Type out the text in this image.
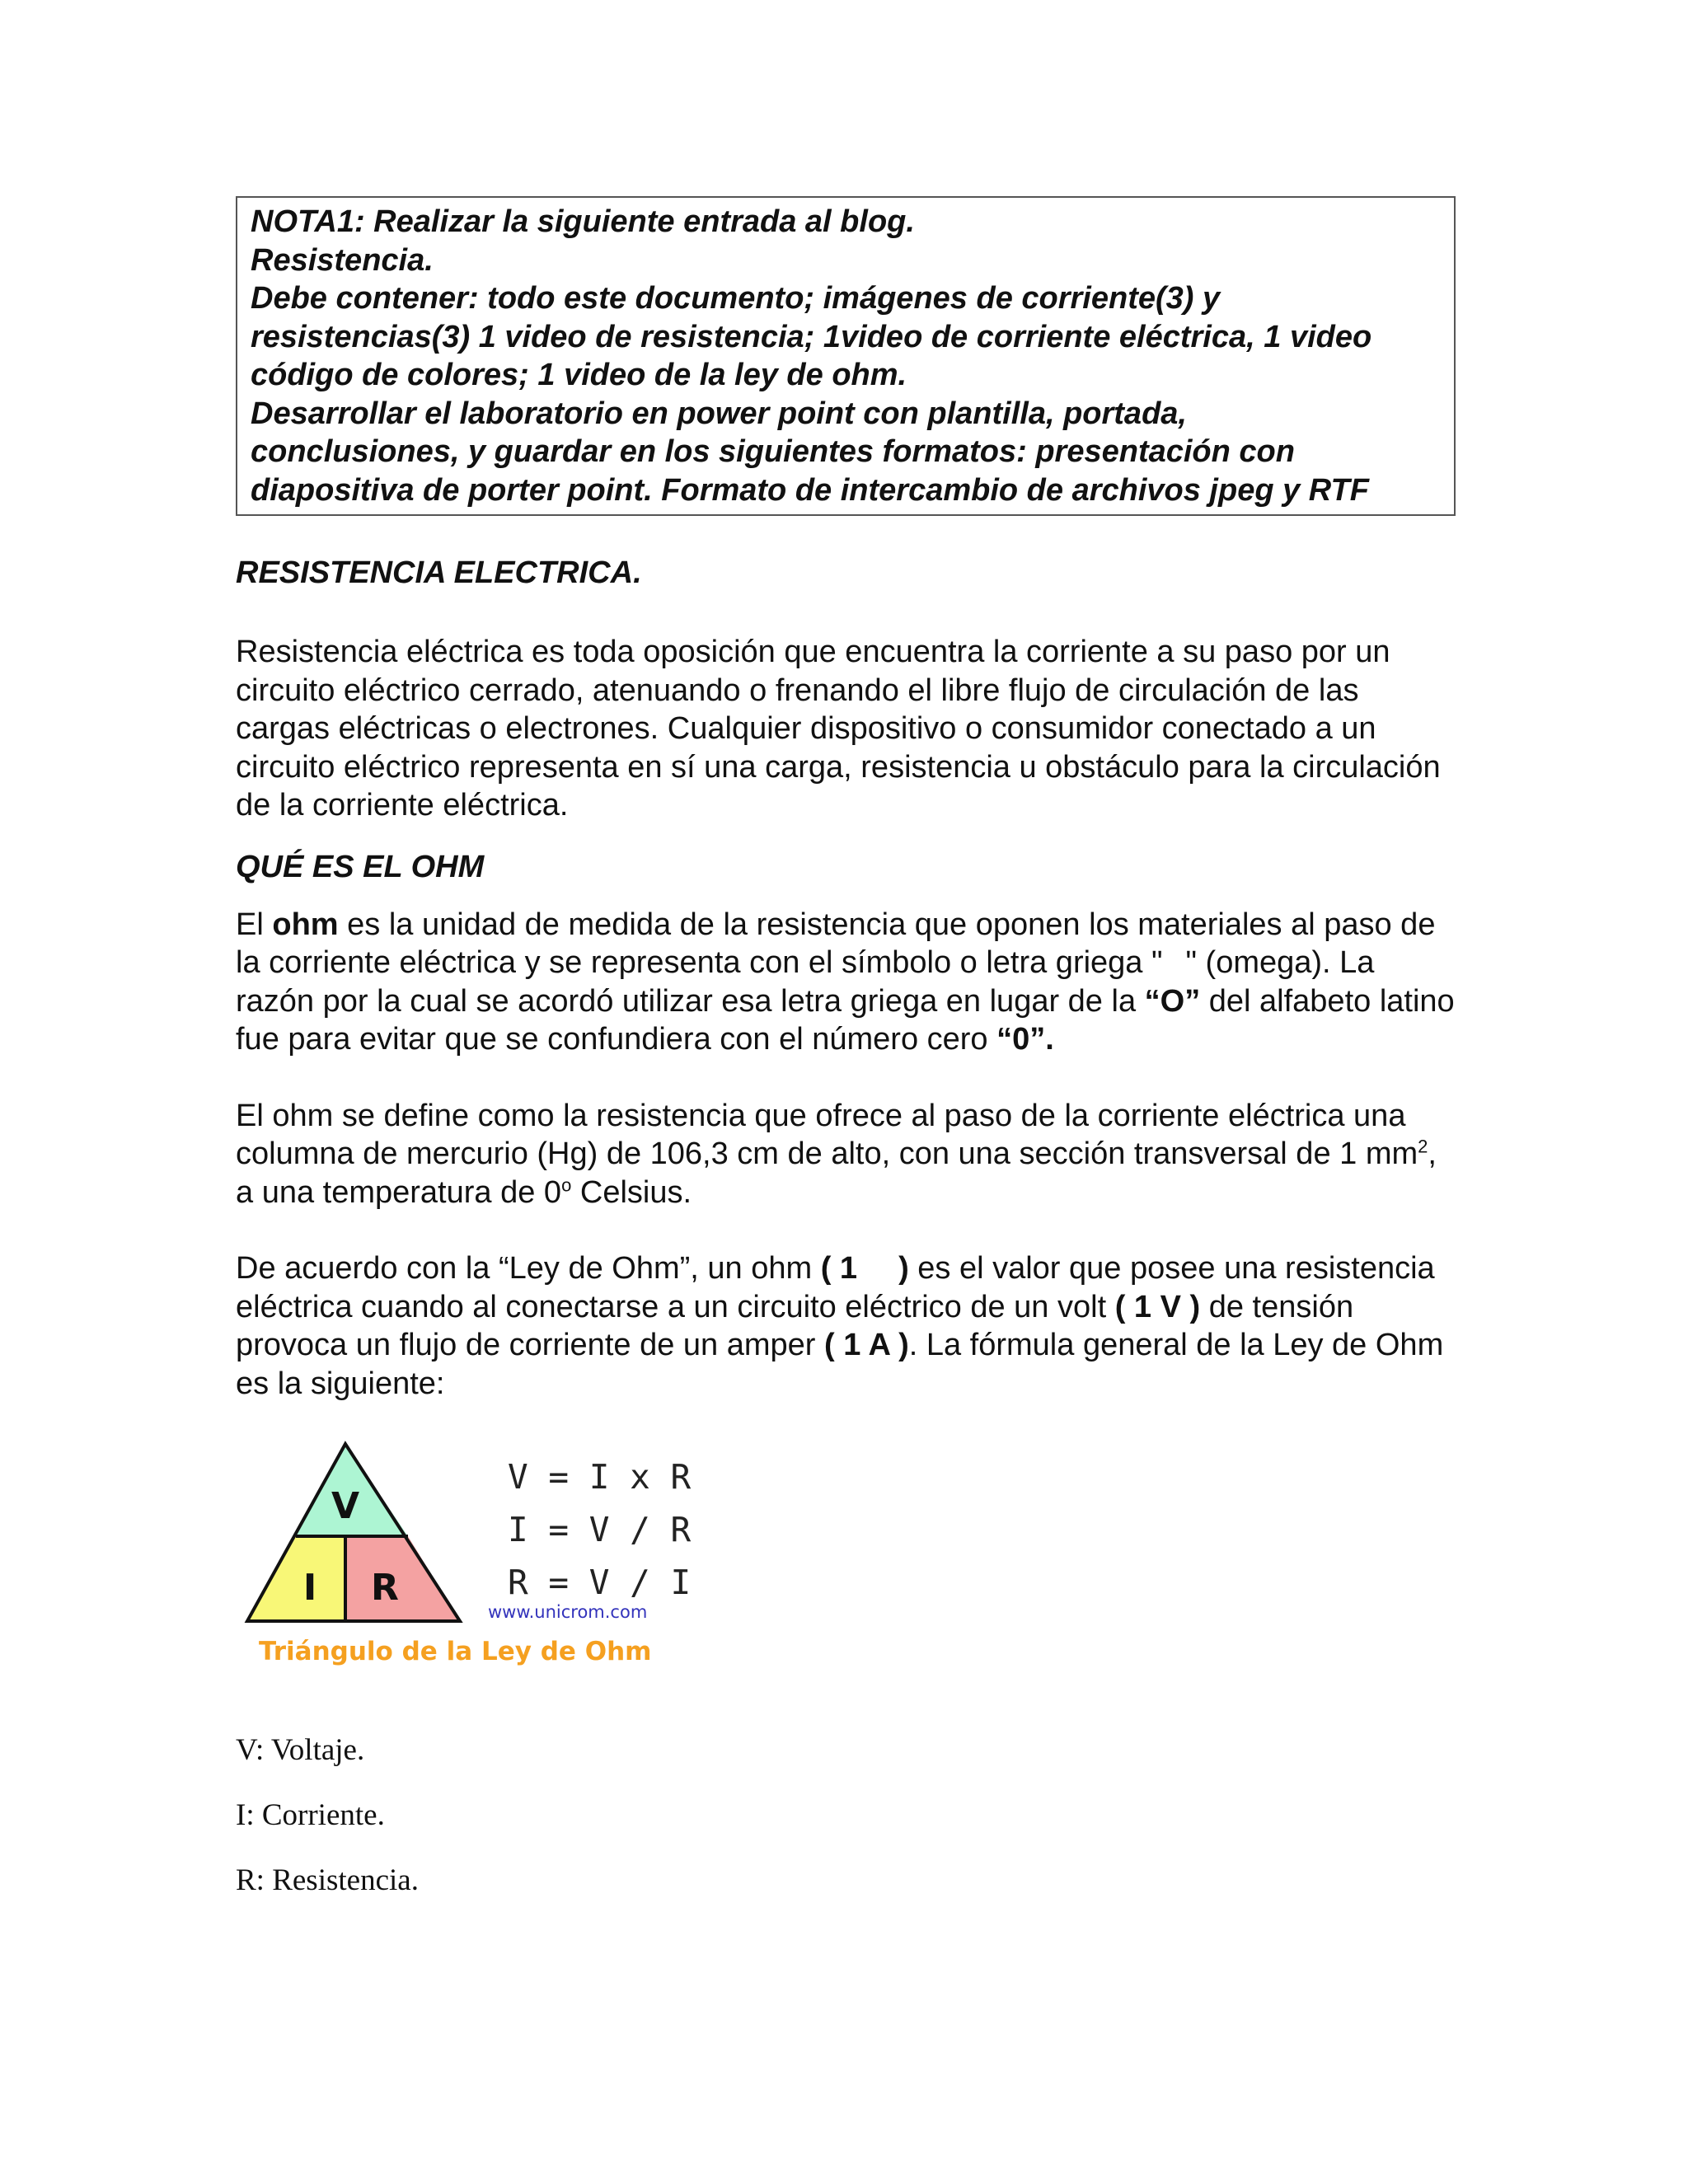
NOTA1: Realizar la siguiente entrada al blog.
Resistencia.
Debe contener: todo este documento; imágenes de corriente(3) y
resistencias(3) 1 video de resistencia; 1video de corriente eléctrica, 1 video
código de colores; 1 video de la ley de ohm.
Desarrollar el laboratorio en power point con plantilla, portada,
conclusiones, y guardar en los siguientes formatos: presentación con
diapositiva de porter point. Formato de intercambio de archivos jpeg y RTF
RESISTENCIA ELECTRICA.

Resistencia eléctrica es toda oposición que encuentra la corriente a su paso por un circuito eléctrico cerrado, atenuando o frenando el libre flujo de circulación de las cargas eléctricas o electrones. Cualquier dispositivo o consumidor conectado a un circuito eléctrico representa en sí una carga, resistencia u obstáculo para la circulación de la corriente eléctrica.

QUÉ ES EL OHM

El ohm es la unidad de medida de la resistencia que oponen los materiales al paso de la corriente eléctrica y se representa con el símbolo o letra griega " " (omega). La razón por la cual se acordó utilizar esa letra griega en lugar de la “O” del alfabeto latino fue para evitar que se confundiera con el número cero “0”.

El ohm se define como la resistencia que ofrece al paso de la corriente eléctrica una columna de mercurio (Hg) de 106,3 cm de alto, con una sección transversal de 1 $mm^2$, a una temperatura de 0$^o$ Celsius.

De acuerdo con la “Ley de Ohm”, un ohm ( 1 ) es el valor que posee una resistencia eléctrica cuando al conectarse a un circuito eléctrico de un volt ( 1 V ) de tensión provoca un flujo de corriente de un amper ( 1 A ). La fórmula general de la Ley de Ohm es la siguiente:

V
I R
V = I x R
I = V / R
R = V / I
www.unicrom.com
Triángulo de la Ley de Ohm
V: Voltaje.
I: Corriente.
R: Resistencia.
